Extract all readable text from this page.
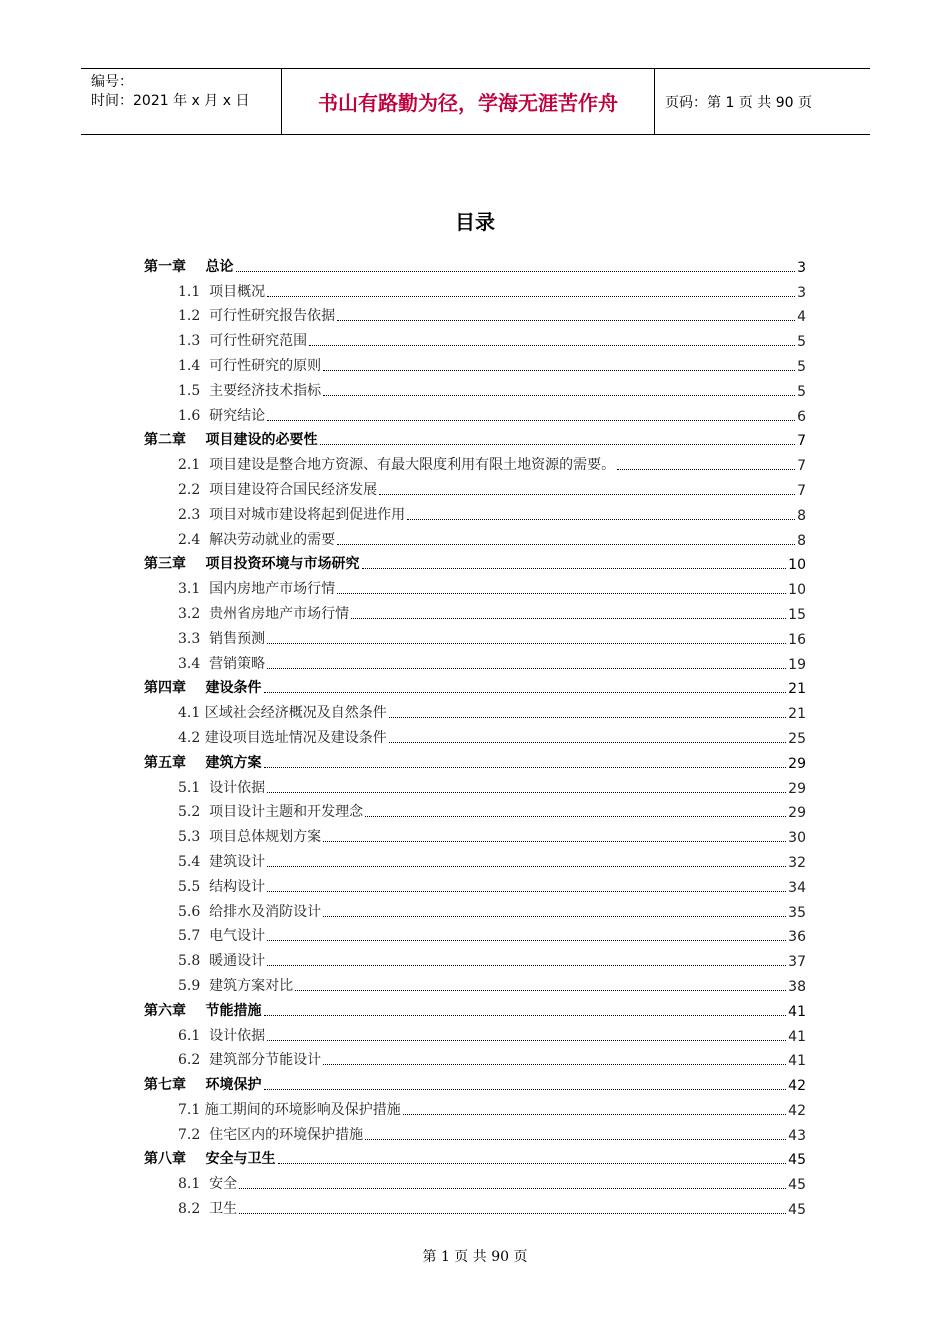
编号：
时间：2021 年 x 月 x 日	书山有路勤为径，学海无涯苦作舟	页码：第 1 页 共 90 页
目录
第一章    总论	3
1.1  项目概况	3
1.2  可行性研究报告依据	4
1.3  可行性研究范围	5
1.4  可行性研究的原则	5
1.5  主要经济技术指标	5
1.6  研究结论	6
第二章    项目建设的必要性	7
2.1  项目建设是整合地方资源、有最大限度利用有限土地资源的需要。	7
2.2  项目建设符合国民经济发展	7
2.3  项目对城市建设将起到促进作用	8
2.4  解决劳动就业的需要	8
第三章    项目投资环境与市场研究	10
3.1  国内房地产市场行情	10
3.2  贵州省房地产市场行情	15
3.3  销售预测	16
3.4  营销策略	19
第四章    建设条件	21
4.1 区域社会经济概况及自然条件	21
4.2 建设项目选址情况及建设条件	25
第五章    建筑方案	29
5.1  设计依据	29
5.2  项目设计主题和开发理念	29
5.3  项目总体规划方案	30
5.4  建筑设计	32
5.5  结构设计	34
5.6  给排水及消防设计	35
5.7  电气设计	36
5.8  暖通设计	37
5.9  建筑方案对比	38
第六章    节能措施	41
6.1  设计依据	41
6.2  建筑部分节能设计	41
第七章    环境保护	42
7.1 施工期间的环境影响及保护措施	42
7.2  住宅区内的环境保护措施	43
第八章    安全与卫生	45
8.1  安全	45
8.2  卫生	45
第 1 页 共 90 页
